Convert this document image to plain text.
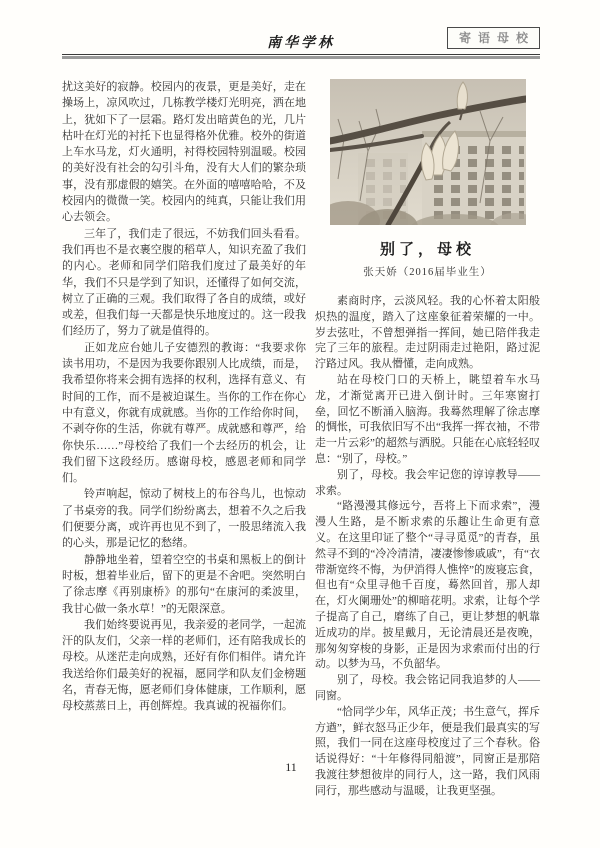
南华学林	寄语母校

扰这美好的寂静。校园内的夜景，更是美好，走在操场上，凉风吹过，几栋教学楼灯光明亮，洒在地上，犹如下了一层霜。路灯发出暗黄色的光，几片枯叶在灯光的衬托下也显得格外优雅。校外的街道上车水马龙，灯火通明，衬得校园特别温暖。校园的美好没有社会的勾引斗角，没有大人们的繁杂琐事，没有那虚假的嬉笑。在外面的嘻嘻哈哈，不及校园内的微微一笑。校园内的纯真，只能让我们用心去领会。

三年了，我们走了很远，不妨我们回头看看。我们再也不是衣裹空腹的稻草人，知识充盈了我们的内心。老师和同学们陪我们度过了最美好的年华，我们不只是学到了知识，还懂得了如何交流，树立了正确的三观。我们取得了各自的成绩，或好或差，但我们每一天都是快乐地度过的。这一段我们经历了，努力了就是值得的。

正如龙应台她儿子安德烈的教诲：“我要求你读书用功，不是因为我要你跟别人比成绩，而是，我希望你将来会拥有选择的权利，选择有意义、有时间的工作，而不是被迫谋生。当你的工作在你心中有意义，你就有成就感。当你的工作给你时间，不剥夺你的生活，你就有尊严。成就感和尊严，给你快乐……”母校给了我们一个去经历的机会，让我们留下这段经历。感谢母校，感恩老师和同学们。

铃声响起，惊动了树枝上的布谷鸟儿，也惊动了书桌旁的我。同学们纷纷离去，想着不久之后我们便要分离，或许再也见不到了，一股思绪流入我的心头，那是记忆的愁绪。

静静地坐着，望着空空的书桌和黑板上的倒计时板，想着毕业后，留下的更是不舍吧。突然明白了徐志摩《再别康桥》的那句“在康河的柔波里，我甘心做一条水草！”的无限深意。

我们始终要说再见，我亲爱的老同学，一起流汗的队友们，父亲一样的老师们，还有陪我成长的母校。从迷茫走向成熟，还好有你们相伴。请允许我送给你们最美好的祝福，愿同学和队友们金榜题名，青春无悔，愿老师们身体健康，工作顺利，愿母校蒸蒸日上，再创辉煌。我真诚的祝福你们。

别了，母校
张天娇（2016届毕业生）

素商时序，云淡风轻。我的心怀着太阳般炽热的温度，踏入了这座象征着荣耀的一中。岁去弦吐，不曾想弹指一挥间，她已陪伴我走完了三年的旅程。走过阴雨走过艳阳，路过泥泞路过风。我从懵懂，走向成熟。

站在母校门口的天桥上，眺望着车水马龙，才渐觉离开已进入倒计时。三年寒窗打垒，回忆不断涌入脑海。我蓦然理解了徐志摩的惆怅，可我依旧写不出“我挥一挥衣袖，不带走一片云彩”的超然与洒脱。只能在心底轻轻叹息：“别了，母校。”

别了，母校。我会牢记您的谆谆教导——求索。

“路漫漫其修远兮，吾将上下而求索”，漫漫人生路，是不断求索的乐趣让生命更有意义。在这里印证了整个“寻寻觅觅”的青春，虽然寻不到的“冷冷清清，凄凄惨惨戚戚”，有“衣带渐宽终不悔，为伊消得人憔悴”的废寝忘食，但也有“众里寻他千百度，蓦然回首，那人却在，灯火阑珊处”的柳暗花明。求索，让每个学子提高了自己，磨练了自己，更让梦想的帆靠近成功的岸。披星戴月，无论清晨还是夜晚，那匆匆穿梭的身影，正是因为求索而付出的行动。以梦为马，不负韶华。

别了，母校。我会铭记同我追梦的人——同窗。

“恰同学少年，风华正茂；书生意气，挥斥方遒”，鲜衣怒马正少年，便是我们最真实的写照，我们一同在这座母校度过了三个春秋。俗话说得好：“十年修得同船渡”，同窗正是那陪我渡往梦想彼岸的同行人，这一路，我们风雨同行，那些感动与温暖，让我更坚强。

11
